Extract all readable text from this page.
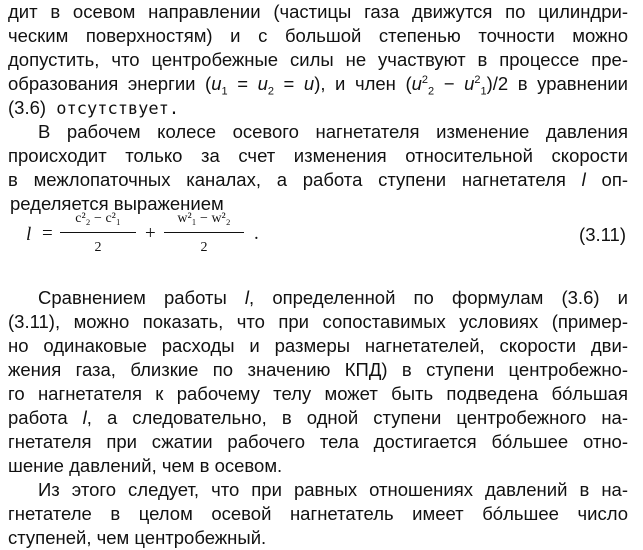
дит в осевом направлении (частицы газа движутся по цилиндри-
ческим поверхностям) и с большой степенью точности можно
допустить, что центробежные силы не участвуют в процессе пре-
образования энергии $(u_1 = u_2 = u)$, и член $(u^2_2 - u^2_1)/2$ в уравнении
(3.6) отсутствует.
В рабочем колесе осевого нагнетателя изменение давления
происходит только за счет изменения относительной скорости
в межлопаточных каналах, а работа ступени нагнетателя l оп-
ределяется выражением
l =
c²₂ − c²₁
2
+
w²₁ − w²₂
2
.	(3.11)
Сравнением работы l, определенной по формулам (3.6) и
(3.11), можно показать, что при сопоставимых условиях (пример-
но одинаковые расходы и размеры нагнетателей, скорости дви-
жения газа, близкие по значению КПД) в ступени центробежно-
го нагнетателя к рабочему телу может быть подведена бóльшая
работа l, а следовательно, в одной ступени центробежного на-
гнетателя при сжатии рабочего тела достигается бóльшее отно-
шение давлений, чем в осевом.
Из этого следует, что при равных отношениях давлений в на-
гнетателе в целом осевой нагнетатель имеет бóльшее число
ступеней, чем центробежный.
